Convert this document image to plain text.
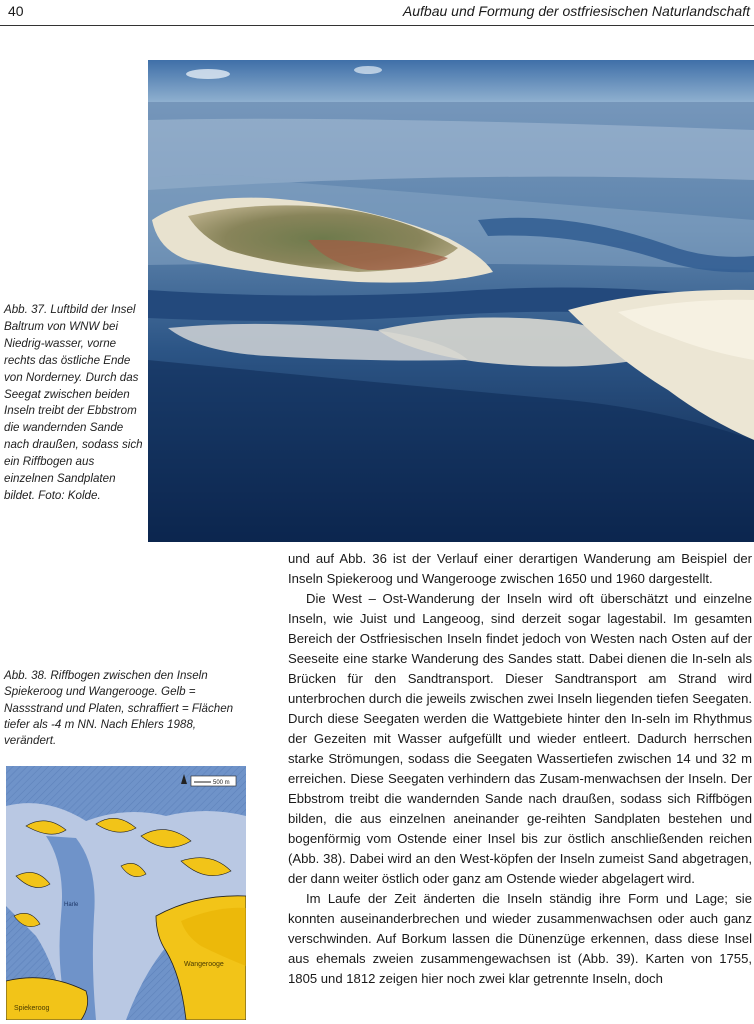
40	Aufbau und Formung der ostfriesischen Naturlandschaft
Abb. 37. Luftbild der Insel Baltrum von WNW bei Niedrig-wasser, vorne rechts das östliche Ende von Norderney. Durch das Seegat zwischen beiden Inseln treibt der Ebbstrom die wandernden Sande nach draußen, sodass sich ein Riffbogen aus einzelnen Sandplaten bildet. Foto: Kolde.
Abb. 38. Riffbogen zwischen den Inseln Spiekeroog und Wangerooge. Gelb = Nassstrand und Platen, schraffiert = Flächen tiefer als -4 m NN. Nach Ehlers 1988, verändert.
500 m
Wangerooge
Spiekeroog
Harle

und auf Abb. 36 ist der Verlauf einer derartigen Wanderung am Beispiel der Inseln Spiekeroog und Wangerooge zwischen 1650 und 1960 dargestellt.

Die West – Ost-Wanderung der Inseln wird oft überschätzt und einzelne Inseln, wie Juist und Langeoog, sind derzeit sogar lagestabil. Im gesamten Bereich der Ostfriesischen Inseln findet jedoch von Westen nach Osten auf der Seeseite eine starke Wanderung des Sandes statt. Dabei dienen die In-seln als Brücken für den Sandtransport. Dieser Sandtransport am Strand wird unterbrochen durch die jeweils zwischen zwei Inseln liegenden tiefen Seegaten. Durch diese Seegaten werden die Wattgebiete hinter den In-seln im Rhythmus der Gezeiten mit Wasser aufgefüllt und wieder entleert. Dadurch herrschen starke Strömungen, sodass die Seegaten Wassertiefen zwischen 14 und 32 m erreichen. Diese Seegaten verhindern das Zusam-menwachsen der Inseln. Der Ebbstrom treibt die wandernden Sande nach draußen, sodass sich Riffbögen bilden, die aus einzelnen aneinander ge-reihten Sandplaten bestehen und bogenförmig vom Ostende einer Insel bis zur östlich anschließenden reichen (Abb. 38). Dabei wird an den West-köpfen der Inseln zumeist Sand abgetragen, der dann weiter östlich oder ganz am Ostende wieder abgelagert wird.

Im Laufe der Zeit änderten die Inseln ständig ihre Form und Lage; sie konnten auseinanderbrechen und wieder zusammenwachsen oder auch ganz verschwinden. Auf Borkum lassen die Dünenzüge erkennen, dass diese Insel aus ehemals zweien zusammengewachsen ist (Abb. 39). Karten von 1755, 1805 und 1812 zeigen hier noch zwei klar getrennte Inseln, doch
